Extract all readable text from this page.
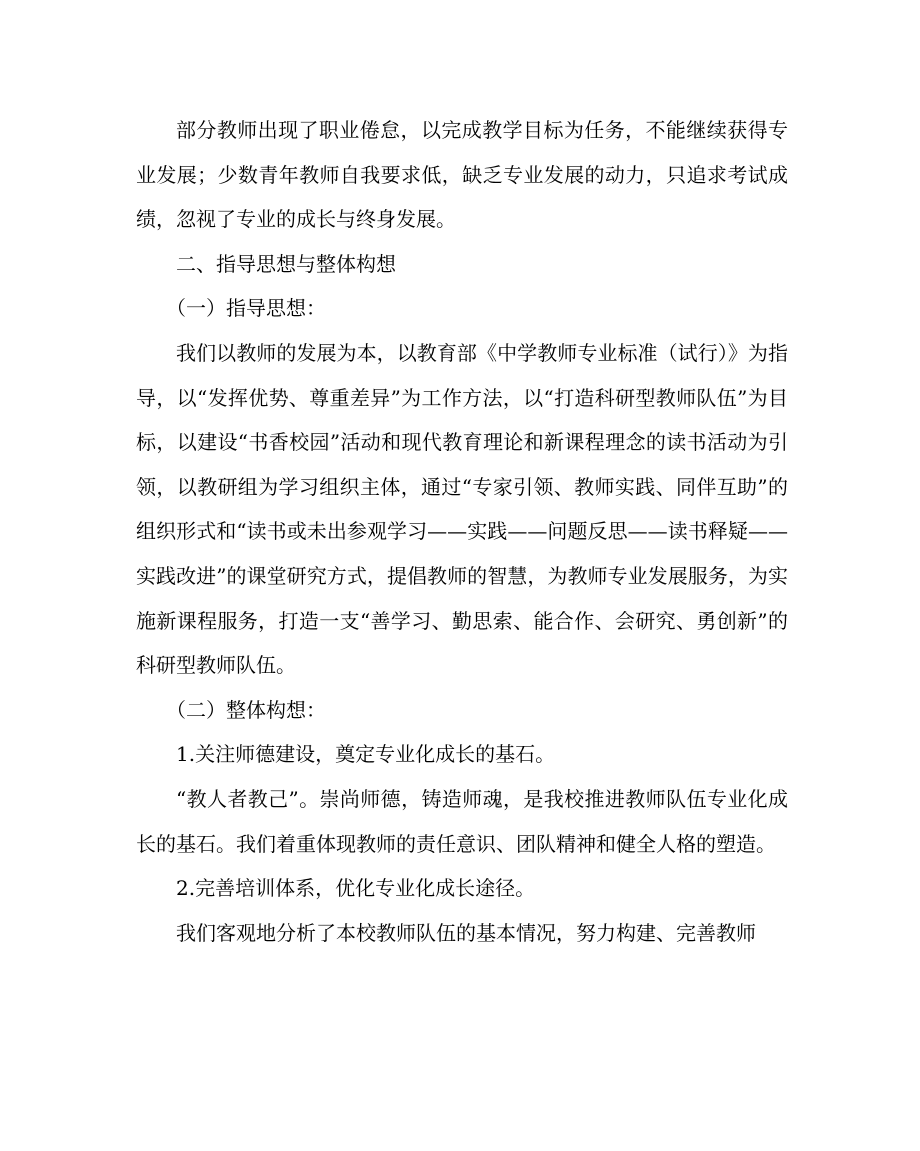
部分教师出现了职业倦怠，以完成教学目标为任务，不能继续获得专业发展；少数青年教师自我要求低，缺乏专业发展的动力，只追求考试成绩，忽视了专业的成长与终身发展。

二、指导思想与整体构想

（一）指导思想：

我们以教师的发展为本，以教育部《中学教师专业标准（试行）》为指导，以“发挥优势、尊重差异”为工作方法，以“打造科研型教师队伍”为目标，以建设“书香校园”活动和现代教育理论和新课程理念的读书活动为引领，以教研组为学习组织主体，通过“专家引领、教师实践、同伴互助”的组织形式和“读书或未出参观学习——实践——问题反思——读书释疑——实践改进”的课堂研究方式，提倡教师的智慧，为教师专业发展服务，为实施新课程服务，打造一支“善学习、勤思索、能合作、会研究、勇创新”的科研型教师队伍。

（二）整体构想：

1.关注师德建设，奠定专业化成长的基石。

“教人者教己”。崇尚师德，铸造师魂，是我校推进教师队伍专业化成长的基石。我们着重体现教师的责任意识、团队精神和健全人格的塑造。

2.完善培训体系，优化专业化成长途径。

我们客观地分析了本校教师队伍的基本情况，努力构建、完善教师
